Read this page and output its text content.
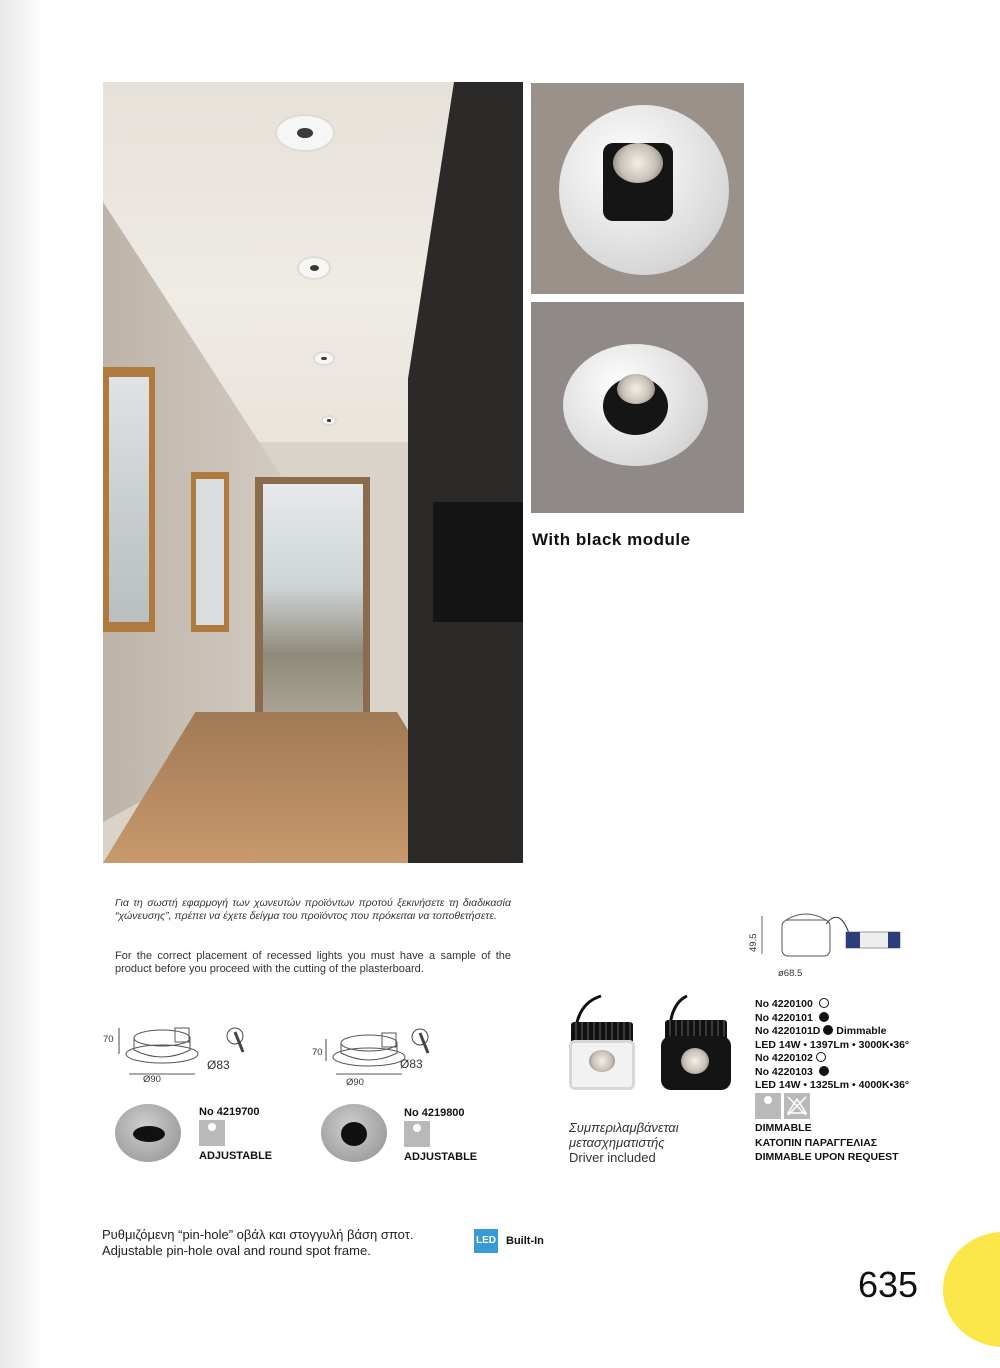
With black module
Για τη σωστή εφαρμογή των χωνευτών προϊόντων προτού ξεκινήσετε τη διαδικασία “χώνευσης”, πρέπει να έχετε δείγμα του προϊόντος που πρόκειται να τοποθετήσετε.
For the correct placement of recessed lights you must have a sample of the product before you proceed with the cutting of the plasterboard.
70
Ø90
Ø83
No 4219700
ADJUSTABLE
70
Ø90
Ø83
No 4219800
ADJUSTABLE
49.5
ø68.5
Συμπεριλαμβάνεται
μετασχηματιστής
Driver included
No 4220100
No 4220101
No 4220101D Dimmable
LED 14W • 1397Lm • 3000K•36°
No 4220102
No 4220103
LED 14W • 1325Lm • 4000K•36°
DIMMABLE
ΚΑΤΟΠΙΝ ΠΑΡΑΓΓΕΛΙΑΣ
DIMMABLE UPON REQUEST
Ρυθμιζόμενη “pin-hole” οβάλ και στογγυλή βάση σποτ.
Adjustable pin-hole oval and round spot frame.
LED Built-In
635
